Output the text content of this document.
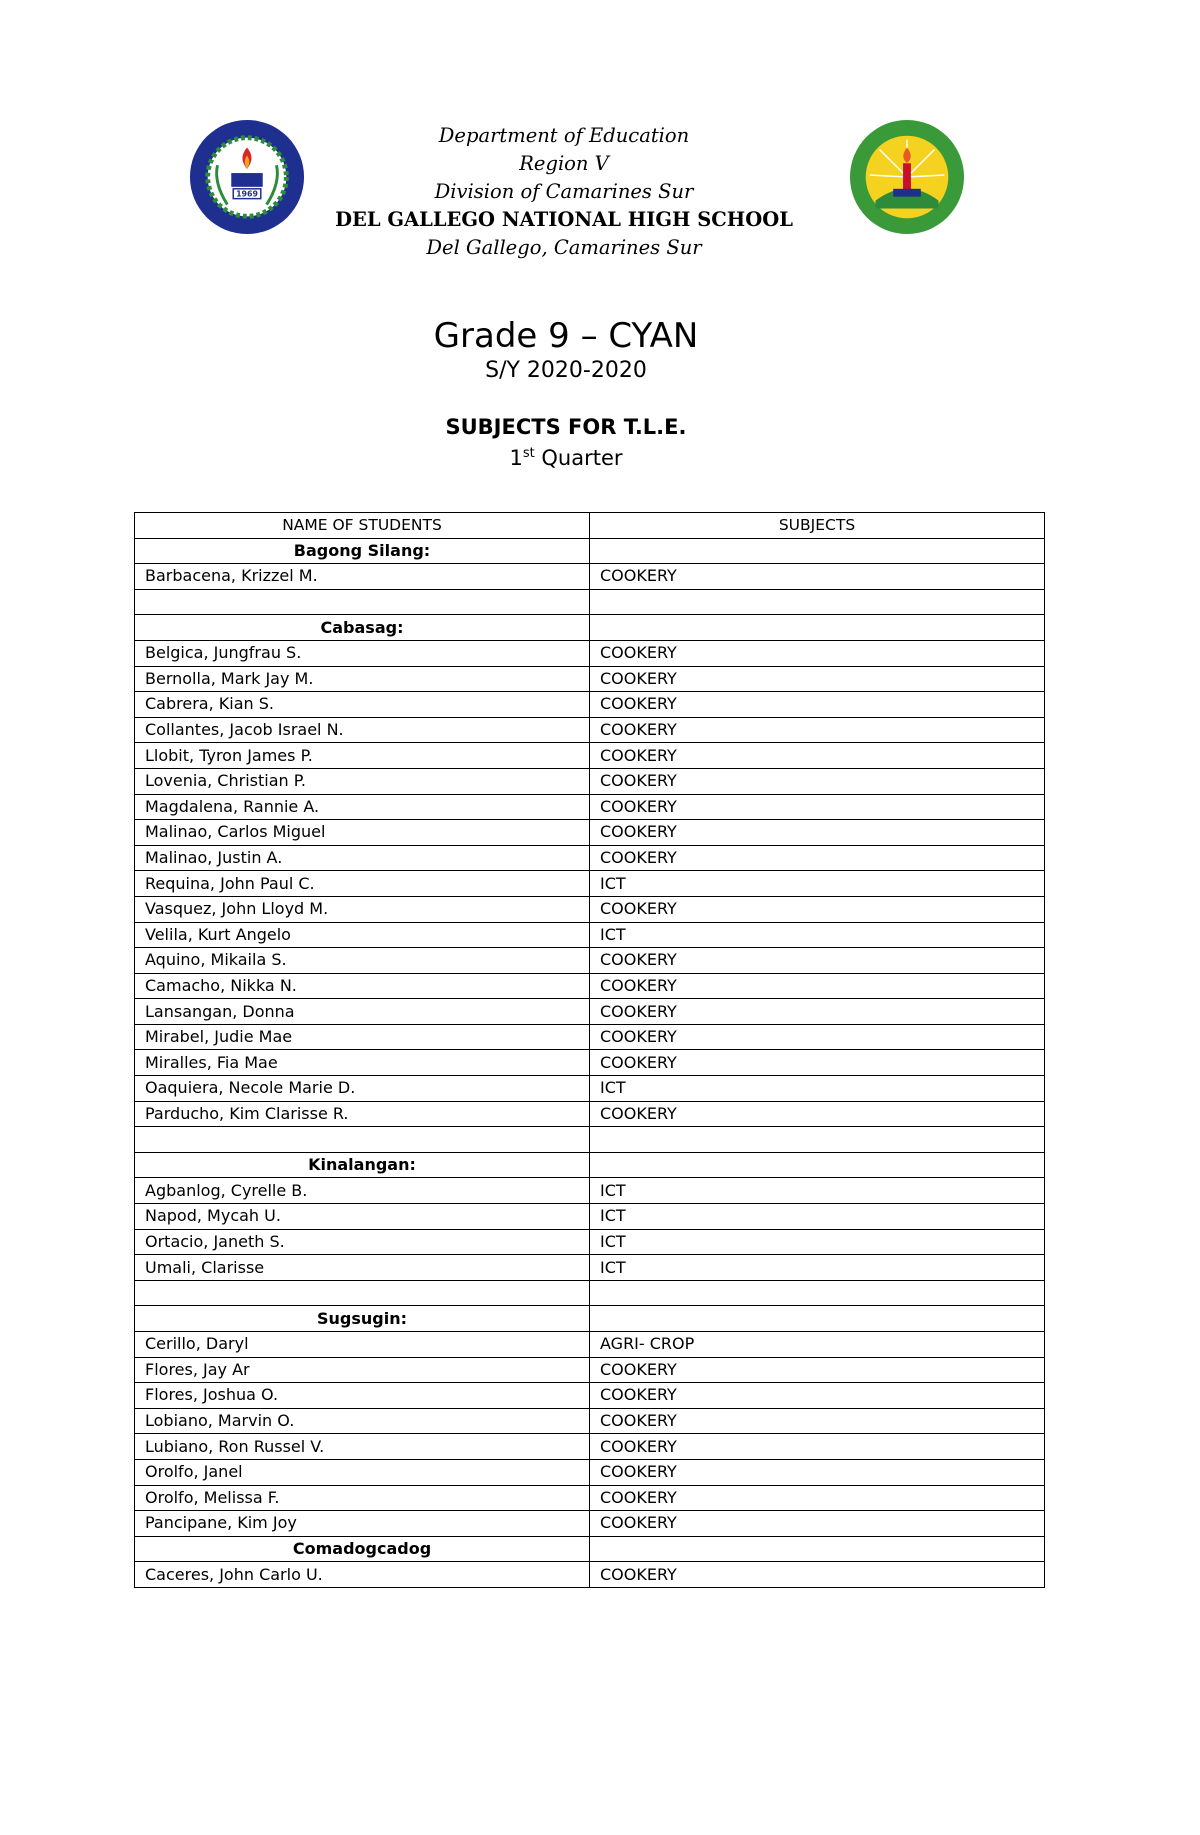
1969
Department of Education
Region V
Division of Camarines Sur
DEL GALLEGO NATIONAL HIGH SCHOOL
Del Gallego, Camarines Sur
Grade 9 – CYAN
S/Y 2020-2020
SUBJECTS FOR T.L.E.
1st Quarter
NAME OF STUDENTS	SUBJECTS
Bagong Silang:	
Barbacena, Krizzel M.	COOKERY

Cabasag:	
Belgica, Jungfrau S.	COOKERY
Bernolla, Mark Jay M.	COOKERY
Cabrera, Kian S.	COOKERY
Collantes, Jacob Israel N.	COOKERY
Llobit, Tyron James P.	COOKERY
Lovenia, Christian P.	COOKERY
Magdalena, Rannie A.	COOKERY
Malinao, Carlos Miguel	COOKERY
Malinao, Justin A.	COOKERY
Requina, John Paul C.	ICT
Vasquez, John Lloyd M.	COOKERY
Velila, Kurt Angelo	ICT
Aquino, Mikaila S.	COOKERY
Camacho, Nikka N.	COOKERY
Lansangan, Donna	COOKERY
Mirabel, Judie Mae	COOKERY
Miralles, Fia Mae	COOKERY
Oaquiera, Necole Marie D.	ICT
Parducho, Kim Clarisse R.	COOKERY

Kinalangan:	
Agbanlog, Cyrelle B.	ICT
Napod, Mycah U.	ICT
Ortacio, Janeth S.	ICT
Umali, Clarisse	ICT

Sugsugin:	
Cerillo, Daryl	AGRI- CROP
Flores, Jay Ar	COOKERY
Flores, Joshua O.	COOKERY
Lobiano, Marvin O.	COOKERY
Lubiano, Ron Russel V.	COOKERY
Orolfo, Janel	COOKERY
Orolfo, Melissa F.	COOKERY
Pancipane, Kim Joy	COOKERY
Comadogcadog	
Caceres, John Carlo U.	COOKERY
